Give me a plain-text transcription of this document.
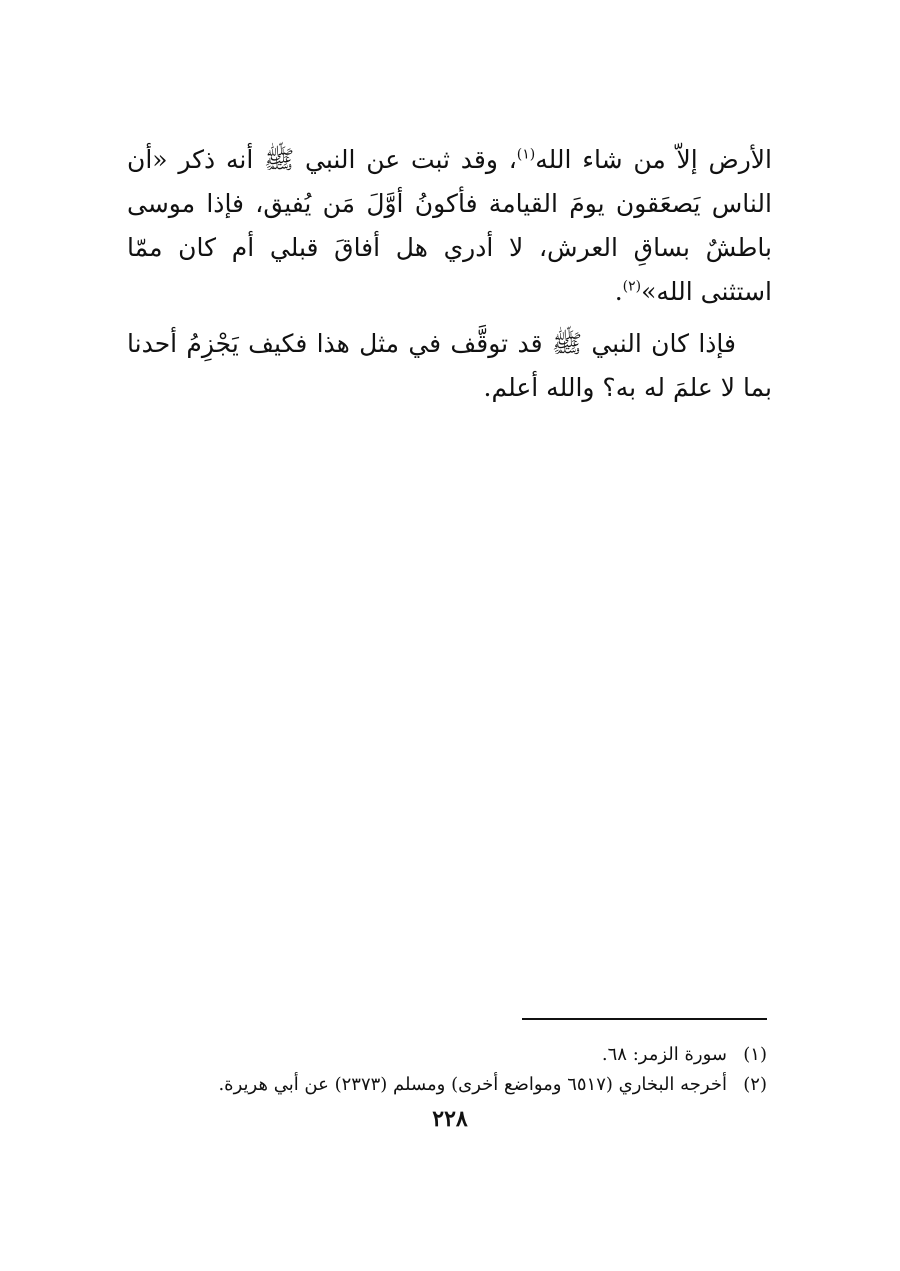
الأرض إلاّ من شاء الله$^{(١)}$، وقد ثبت عن النبي ﷺ أنه ذكر «أن الناس يَصعَقون يومَ القيامة فأكونُ أوَّلَ مَن يُفيق، فإذا موسى باطشٌ بساقِ العرش، لا أدري هل أفاقَ قبلي أم كان ممّا استثنى الله»$^{(٢)}$.

فإذا كان النبي ﷺ قد توقَّف في مثل هذا فكيف يَجْزِمُ أحدنا بما لا علمَ له به؟ والله أعلم.

(١)
سورة الزمر: ٦٨.
(٢)
أخرجه البخاري (٦٥١٧ ومواضع أخرى) ومسلم (٢٣٧٣) عن أبي هريرة.
٢٢٨
